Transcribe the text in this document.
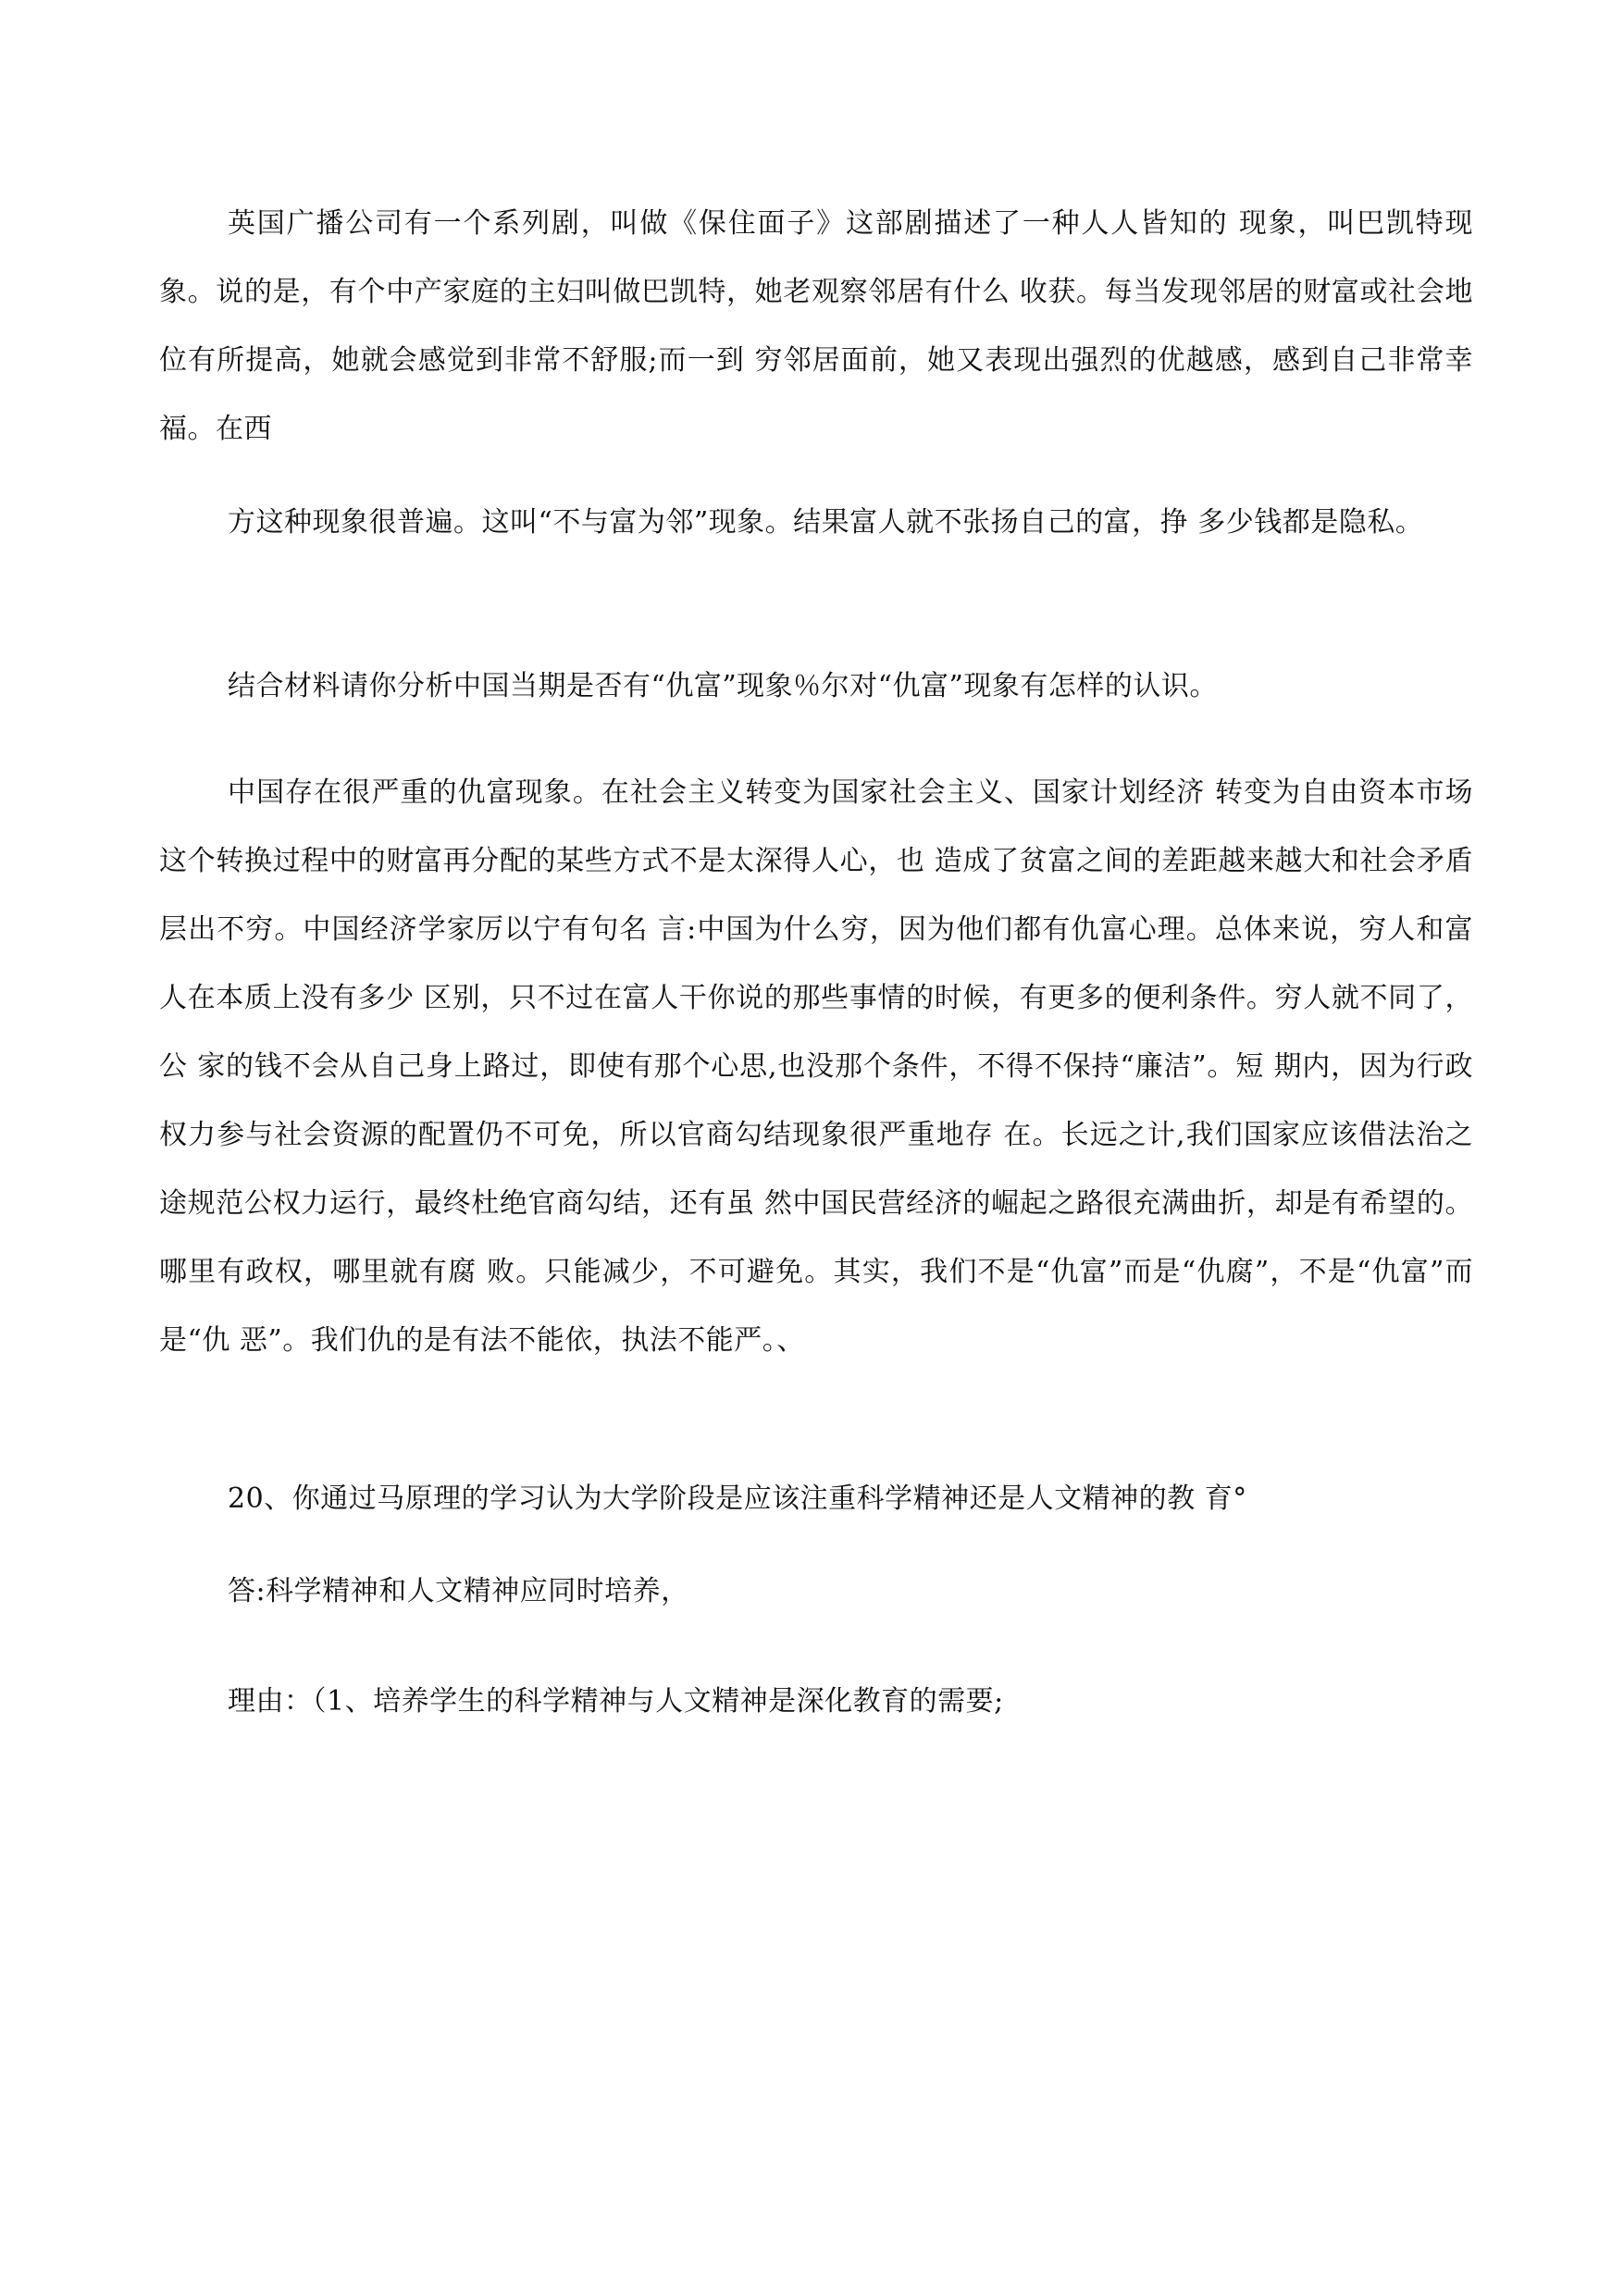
英国广播公司有一个系列剧，叫做《保住面子》这部剧描述了一种人人皆知的 现象，叫巴凯特现象。说的是，有个中产家庭的主妇叫做巴凯特，她老观察邻居有什么 收获。每当发现邻居的财富或社会地位有所提高，她就会感觉到非常不舒服;而一到 穷邻居面前，她又表现出强烈的优越感，感到自己非常幸福。在西

方这种现象很普遍。这叫“不与富为邻”现象。结果富人就不张扬自己的富，挣 多少钱都是隐私。

结合材料请你分析中国当期是否有“仇富”现象％尔对“仇富”现象有怎样的认识。

中国存在很严重的仇富现象。在社会主义转变为国家社会主义、国家计划经济 转变为自由资本市场这个转换过程中的财富再分配的某些方式不是太深得人心，也 造成了贫富之间的差距越来越大和社会矛盾层出不穷。中国经济学家厉以宁有句名 言:中国为什么穷，因为他们都有仇富心理。总体来说，穷人和富人在本质上没有多少 区别，只不过在富人干你说的那些事情的时候，有更多的便利条件。穷人就不同了，公 家的钱不会从自己身上路过，即使有那个心思,也没那个条件，不得不保持“廉洁”。短 期内，因为行政权力参与社会资源的配置仍不可免，所以官商勾结现象很严重地存 在。长远之计,我们国家应该借法治之途规范公权力运行，最终杜绝官商勾结，还有虽 然中国民营经济的崛起之路很充满曲折，却是有希望的。哪里有政权，哪里就有腐 败。只能减少，不可避免。其实，我们不是“仇富”而是“仇腐”，不是“仇富”而是“仇 恶”。我们仇的是有法不能依，执法不能严。、

20、你通过马原理的学习认为大学阶段是应该注重科学精神还是人文精神的教 育°

答:科学精神和人文精神应同时培养，

理由：（1、培养学生的科学精神与人文精神是深化教育的需要;
